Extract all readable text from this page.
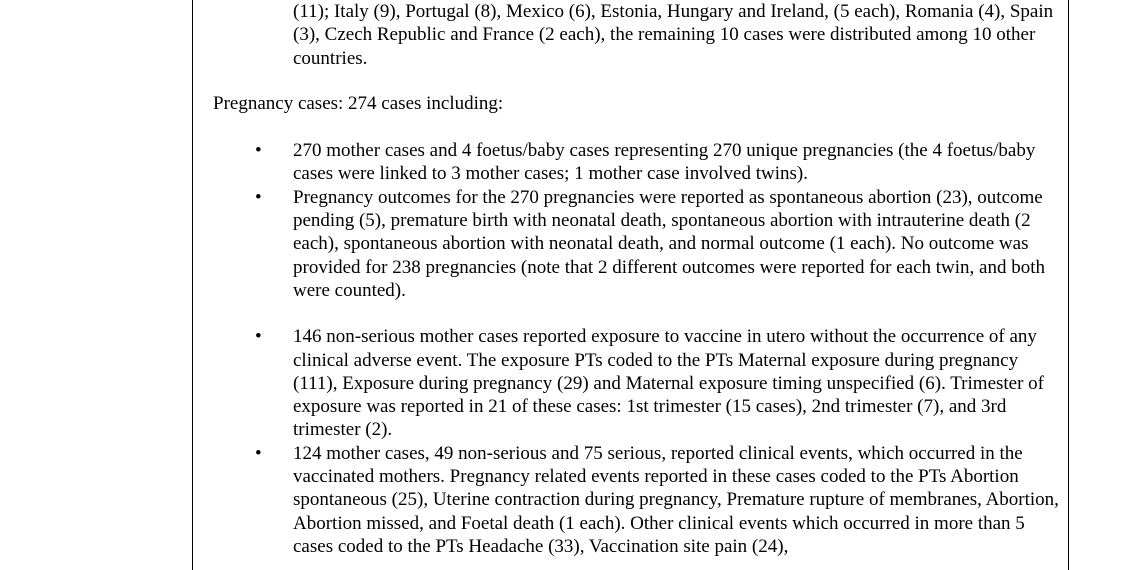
(11); Italy (9), Portugal (8), Mexico (6), Estonia, Hungary and Ireland, (5 each), Romania (4), Spain (3), Czech Republic and France (2 each), the remaining 10 cases were distributed among 10 other countries.

Pregnancy cases: 274 cases including:

• 270 mother cases and 4 foetus/baby cases representing 270 unique pregnancies (the 4 foetus/baby cases were linked to 3 mother cases; 1 mother case involved twins).
• Pregnancy outcomes for the 270 pregnancies were reported as spontaneous abortion (23), outcome pending (5), premature birth with neonatal death, spontaneous abortion with intrauterine death (2 each), spontaneous abortion with neonatal death, and normal outcome (1 each). No outcome was provided for 238 pregnancies (note that 2 different outcomes were reported for each twin, and both were counted).
• 146 non-serious mother cases reported exposure to vaccine in utero without the occurrence of any clinical adverse event. The exposure PTs coded to the PTs Maternal exposure during pregnancy (111), Exposure during pregnancy (29) and Maternal exposure timing unspecified (6). Trimester of exposure was reported in 21 of these cases: 1st trimester (15 cases), 2nd trimester (7), and 3rd trimester (2).
• 124 mother cases, 49 non-serious and 75 serious, reported clinical events, which occurred in the vaccinated mothers. Pregnancy related events reported in these cases coded to the PTs Abortion spontaneous (25), Uterine contraction during pregnancy, Premature rupture of membranes, Abortion, Abortion missed, and Foetal death (1 each). Other clinical events which occurred in more than 5 cases coded to the PTs Headache (33), Vaccination site pain (24),
